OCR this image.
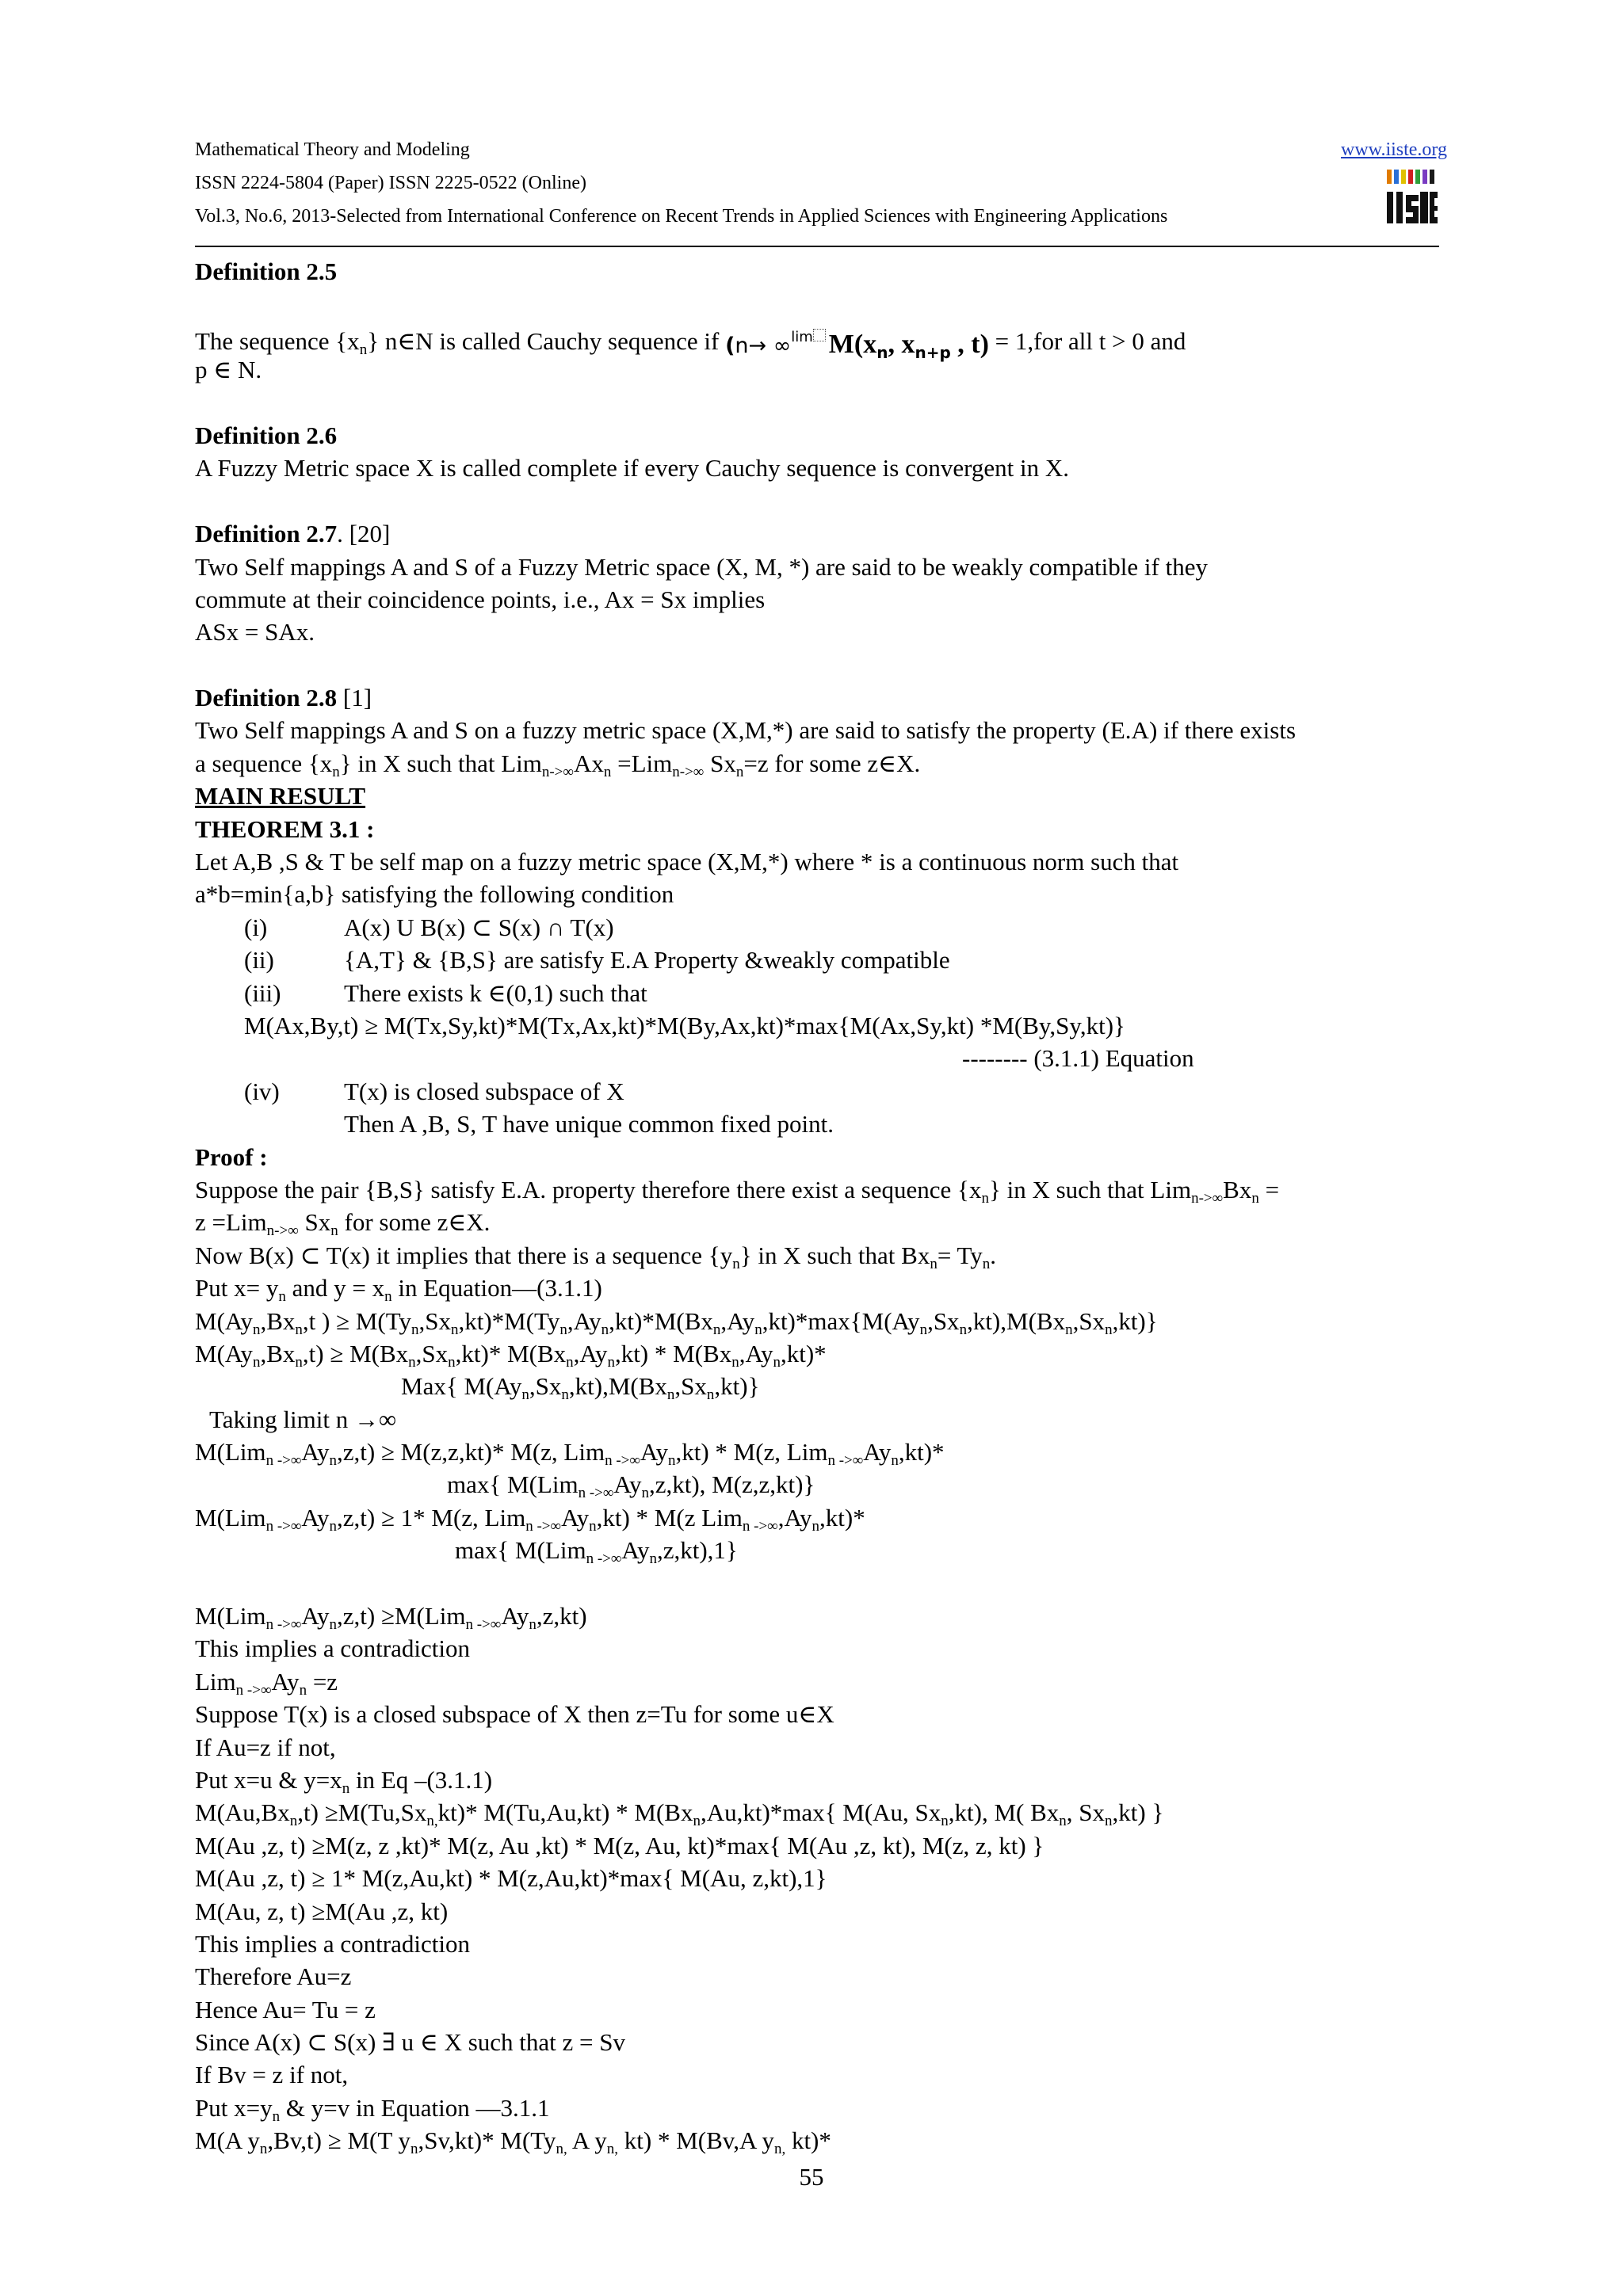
Mathematical Theory and Modeling	www.iiste.org
ISSN 2224-5804 (Paper) ISSN 2225-0522 (Online)
Vol.3, No.6, 2013-Selected from International Conference on Recent Trends in Applied Sciences with Engineering Applications
Definition 2.5
The sequence $\{x_n\}$ n∈N is called Cauchy sequence if (n→ ∞$^{lim}$ $M(x_n$, $x_{n+p}$ , t) = 1,for all t > 0 and
p ∈ N.
Definition 2.6
A Fuzzy Metric space X is called complete if every Cauchy sequence is convergent in X.
Definition 2.7. [20]
Two Self mappings A and S of a Fuzzy Metric space (X, M, *) are said to be weakly compatible if they
commute at their coincidence points, i.e., Ax = Sx implies
ASx = SAx.
Definition 2.8 [1]
Two Self mappings A and S on a fuzzy metric space (X,M,*) are said to satisfy the property (E.A) if there exists
a sequence $\{x_n\}$ in X such that $Lim_{n->\infty}Ax_n =Lim_{n->\infty}$ $Sx_n=z$ for some z∈X.
MAIN RESULT
THEOREM 3.1 :
Let A,B ,S & T be self map on a fuzzy metric space (X,M,*) where * is a continuous norm such that
a*b=min{a,b} satisfying the following condition
(i)	A(x) U B(x) ⊂ S(x) ∩ T(x)
(ii)	{A,T} & {B,S} are satisfy E.A Property &weakly compatible
(iii)	There exists k ∈(0,1) such that
M(Ax,By,t) ≥ M(Tx,Sy,kt)*M(Tx,Ax,kt)*M(By,Ax,kt)*max{M(Ax,Sy,kt) *M(By,Sy,kt)}
-------- (3.1.1) Equation
(iv)	T(x) is closed subspace of X
Then A ,B, S, T have unique common fixed point.
Proof :
Suppose the pair {B,S} satisfy E.A. property therefore there exist a sequence $\{x_n\}$ in X such that $Lim_{n->\infty}Bx_n$ =
z =Lim$_{n->\infty}$ $Sx_n$ for some z∈X.
Now B(x) ⊂ T(x) it implies that there is a sequence $\{y_n\}$ in X such that $Bx_n= Ty_n$.
Put $x= y_n$ and $y = x_n$ in Equation—(3.1.1)
$M(Ay_n,Bx_n,t$ ) ≥ $M(Ty_n,Sx_n,kt)*M(Ty_n,Ay_n,kt)*M(Bx_n,Ay_n,kt)*\max\{M(Ay_n,Sx_n,kt),M(Bx_n,Sx_n,kt)\}$
$M(Ay_n,Bx_n,t) \ge M(Bx_n,Sx_n,kt)*$ $M(Bx_n,Ay_n,kt) * M(Bx_n,Ay_n,kt)*$
Max{ $M(Ay_n,Sx_n,kt),M(Bx_n,Sx_n,kt)$}
Taking limit n →∞
$M(Lim_{n ->\infty}Ay_n,z,t) \ge M(z,z,kt)*$ M(z, $Lim_{n ->\infty}Ay_n,kt) * M(z$, $Lim_{n ->\infty}Ay_n,kt)*$
max{ $M(Lim_{n ->\infty}Ay_n,z,kt)$, M(z,z,kt)}
$M(Lim_{n ->\infty}Ay_n,z,t) \ge 1*$ M(z, $Lim_{n ->\infty}Ay_n,kt) * M(z$ $Lim_{n ->\infty},Ay_n,kt)*$
max{ $M(Lim_{n ->\infty}Ay_n,z,kt),1$}
$M(Lim_{n ->\infty}Ay_n,z,t) \ge M(Lim_{n ->\infty}Ay_n,z,kt)$
This implies a contradiction
$Lim_{n ->\infty}Ay_n =z$
Suppose T(x) is a closed subspace of X then z=Tu for some u∈X
If Au=z if not,
Put x=u & $y=x_n$ in Eq –(3.1.1)
$M(Au,Bx_n,t) \ge M(Tu,Sx_{n,}kt)*$ $M(Tu,Au,kt) * M(Bx_n,Au,kt)*\max${ M(Au, $Sx_n,kt$), M( $Bx_n$, $Sx_n,kt$) }
M(Au ,z, t) ≥M(z, z ,kt)* M(z, Au ,kt) * M(z, Au, kt)*max{ M(Au ,z, kt), M(z, z, kt) }
M(Au ,z, t) ≥ 1* M(z,Au,kt) * M(z,Au,kt)*max{ M(Au, z,kt),1}
M(Au, z, t) ≥M(Au ,z, kt)
This implies a contradiction
Therefore Au=z
Hence Au= Tu = z
Since A(x) ⊂ S(x) ∃ u ∈ X such that z = Sv
If Bv = z if not,
Put $x=y_n$ & y=v in Equation —3.1.1
M(A $y_n,Bv,t) \ge M(T$ $y_n,Sv,kt)*$ $M(Ty_{n,}$ A $y_{n,}$ kt) * M(Bv,A $y_{n,}$ kt)*
55
